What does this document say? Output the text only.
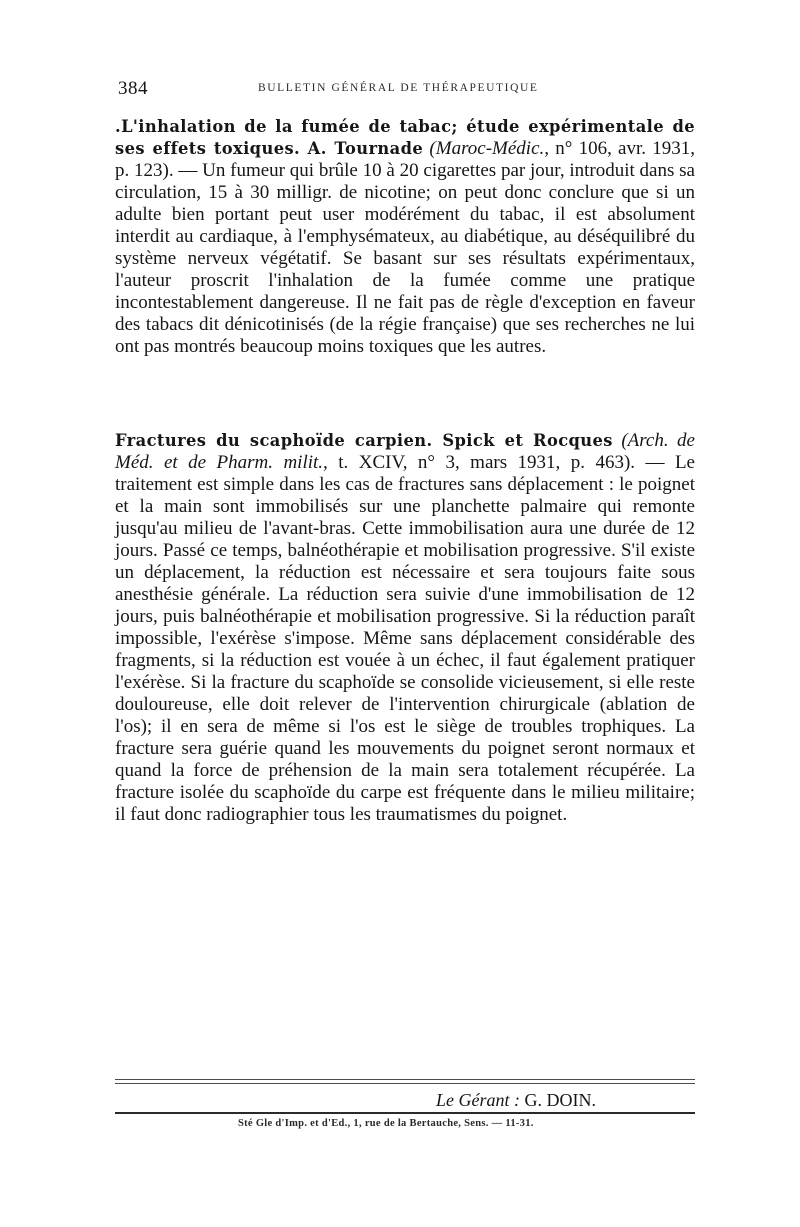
384	BULLETIN GÉNÉRAL DE THÉRAPEUTIQUE

.L'inhalation de la fumée de tabac; étude expérimentale de ses effets toxiques. A. Tournade (Maroc-Médic., n° 106, avr. 1931, p. 123). — Un fumeur qui brûle 10 à 20 cigarettes par jour, introduit dans sa circulation, 15 à 30 milligr. de nicotine; on peut donc conclure que si un adulte bien portant peut user modérément du tabac, il est absolument interdit au cardiaque, à l'emphysémateux, au diabétique, au déséquilibré du système nerveux végétatif. Se basant sur ses résultats expérimentaux, l'auteur proscrit l'inhalation de la fumée comme une pratique incontestablement dangereuse. Il ne fait pas de règle d'exception en faveur des tabacs dit dénicotinisés (de la régie française) que ses recherches ne lui ont pas montrés beaucoup moins toxiques que les autres.

Fractures du scaphoïde carpien. Spick et Rocques (Arch. de Méd. et de Pharm. milit., t. XCIV, n° 3, mars 1931, p. 463). — Le traitement est simple dans les cas de fractures sans déplacement : le poignet et la main sont immobilisés sur une planchette palmaire qui remonte jusqu'au milieu de l'avant-bras. Cette immobilisation aura une durée de 12 jours. Passé ce temps, balnéothérapie et mobilisation progressive. S'il existe un déplacement, la réduction est nécessaire et sera toujours faite sous anesthésie générale. La réduction sera suivie d'une immobilisation de 12 jours, puis balnéothérapie et mobilisation progressive. Si la réduction paraît impossible, l'exérèse s'impose. Même sans déplacement considérable des fragments, si la réduction est vouée à un échec, il faut également pratiquer l'exérèse. Si la fracture du scaphoïde se consolide vicieusement, si elle reste douloureuse, elle doit relever de l'intervention chirurgicale (ablation de l'os); il en sera de même si l'os est le siège de troubles trophiques. La fracture sera guérie quand les mouvements du poignet seront normaux et quand la force de préhension de la main sera totalement récupérée. La fracture isolée du scaphoïde du carpe est fréquente dans le milieu militaire; il faut donc radiographier tous les traumatismes du poignet.

Le Gérant : G. DOIN.
Sté Gle d'Imp. et d'Ed., 1, rue de la Bertauche, Sens. — 11-31.
